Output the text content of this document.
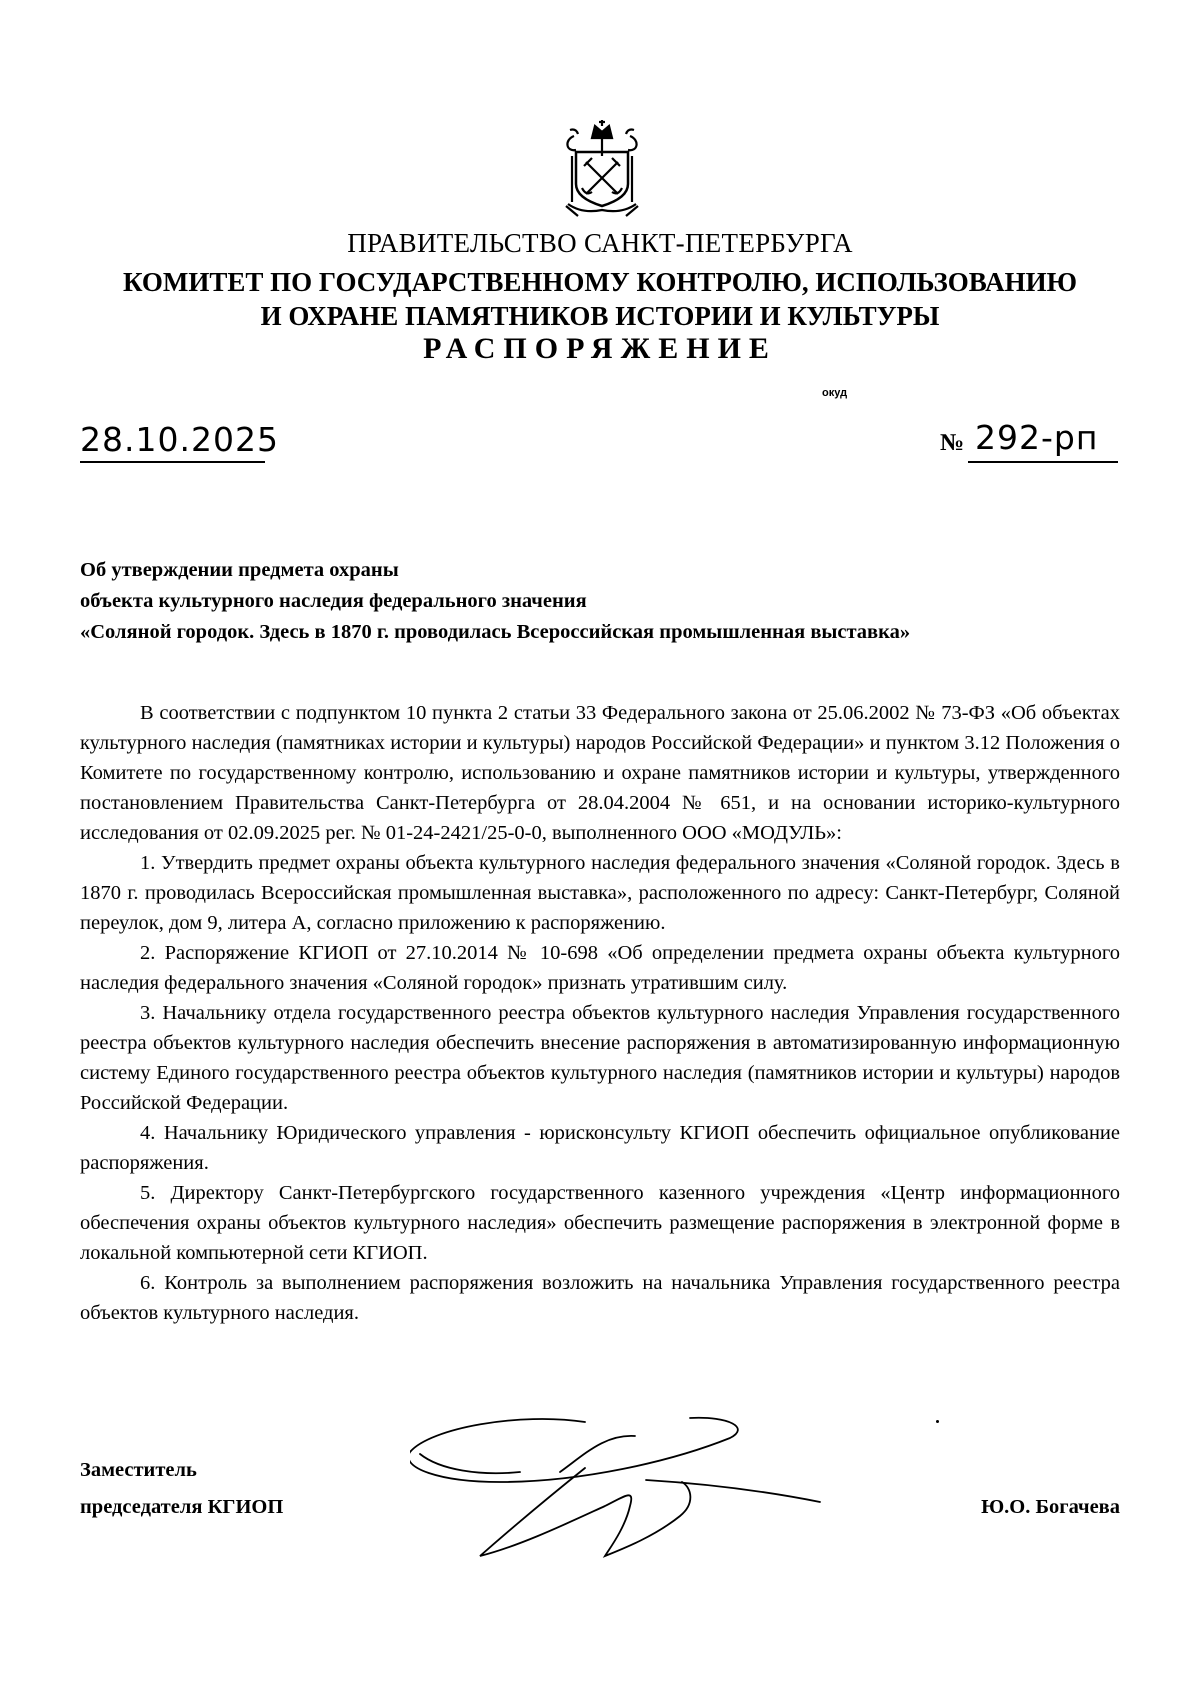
ПРАВИТЕЛЬСТВО САНКТ-ПЕТЕРБУРГА
КОМИТЕТ ПО ГОСУДАРСТВЕННОМУ КОНТРОЛЮ, ИСПОЛЬЗОВАНИЮ
И ОХРАНЕ ПАМЯТНИКОВ ИСТОРИИ И КУЛЬТУРЫ
РАСПОРЯЖЕНИЕ
окуд
28.10.2025	№ 292-рп
Об утверждении предмета охраны
объекта культурного наследия федерального значения
«Соляной городок. Здесь в 1870 г. проводилась Всероссийская промышленная выставка»

В соответствии с подпунктом 10 пункта 2 статьи 33 Федерального закона от 25.06.2002 № 73-ФЗ «Об объектах культурного наследия (памятниках истории и культуры) народов Российской Федерации» и пунктом 3.12 Положения о Комитете по государственному контролю, использованию и охране памятников истории и культуры, утвержденного постановлением Правительства Санкт-Петербурга от 28.04.2004 № 651, и на основании историко-культурного исследования от 02.09.2025 рег. № 01-24-2421/25-0-0, выполненного ООО «МОДУЛЬ»:

1. Утвердить предмет охраны объекта культурного наследия федерального значения «Соляной городок. Здесь в 1870 г. проводилась Всероссийская промышленная выставка», расположенного по адресу: Санкт-Петербург, Соляной переулок, дом 9, литера А, согласно приложению к распоряжению.

2. Распоряжение КГИОП от 27.10.2014 № 10-698 «Об определении предмета охраны объекта культурного наследия федерального значения «Соляной городок» признать утратившим силу.

3. Начальнику отдела государственного реестра объектов культурного наследия Управления государственного реестра объектов культурного наследия обеспечить внесение распоряжения в автоматизированную информационную систему Единого государственного реестра объектов культурного наследия (памятников истории и культуры) народов Российской Федерации.

4. Начальнику Юридического управления - юрисконсульту КГИОП обеспечить официальное опубликование распоряжения.

5. Директору Санкт-Петербургского государственного казенного учреждения «Центр информационного обеспечения охраны объектов культурного наследия» обеспечить размещение распоряжения в электронной форме в локальной компьютерной сети КГИОП.

6. Контроль за выполнением распоряжения возложить на начальника Управления государственного реестра объектов культурного наследия.

Заместитель
председателя КГИОП	Ю.О. Богачева
